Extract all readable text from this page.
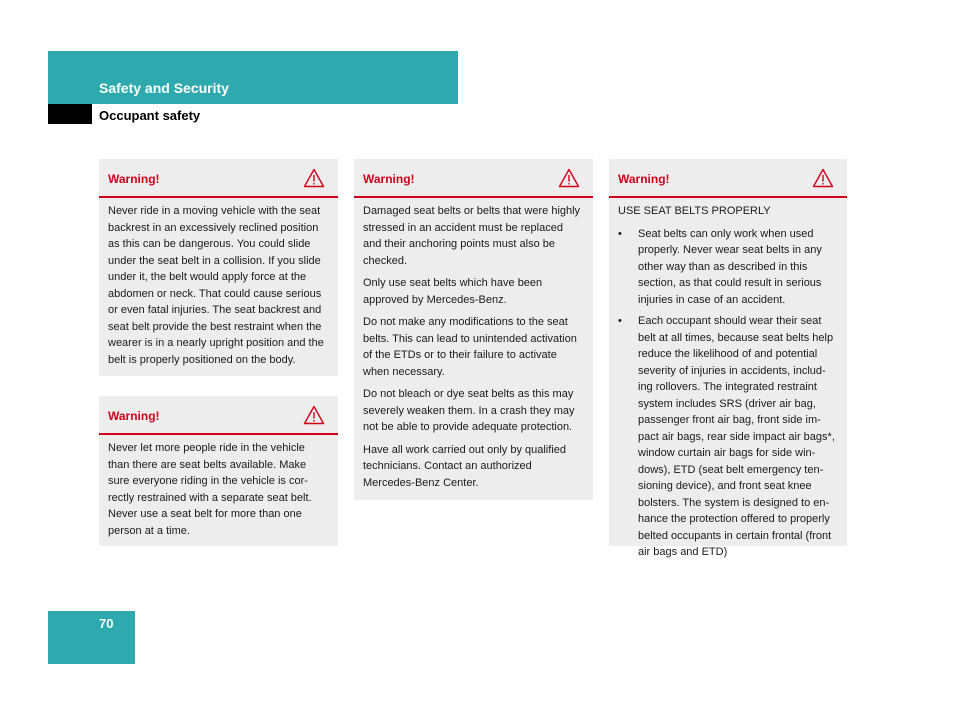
Safety and Security
Occupant safety
Warning!

Never ride in a moving vehicle with the seat backrest in an excessively reclined position as this can be dangerous. You could slide under the seat belt in a collision. If you slide under it, the belt would apply force at the abdomen or neck. That could cause serious or even fatal injuries. The seat backrest and seat belt provide the best restraint when the wearer is in a nearly upright position and the belt is properly positioned on the body.

Warning!

Never let more people ride in the vehicle than there are seat belts available. Make sure everyone riding in the vehicle is cor-rectly restrained with a separate seat belt. Never use a seat belt for more than one person at a time.

Warning!

Damaged seat belts or belts that were highly stressed in an accident must be replaced and their anchoring points must also be checked.

Only use seat belts which have been approved by Mercedes-Benz.

Do not make any modifications to the seat belts. This can lead to unintended activation of the ETDs or to their failure to activate when necessary.

Do not bleach or dye seat belts as this may severely weaken them. In a crash they may not be able to provide adequate protection.

Have all work carried out only by qualified technicians. Contact an authorized Mercedes-Benz Center.

Warning!

USE SEAT BELTS PROPERLY

• Seat belts can only work when used properly. Never wear seat belts in any other way than as described in this section, as that could result in serious injuries in case of an accident.
• Each occupant should wear their seat belt at all times, because seat belts help reduce the likelihood of and potential severity of injuries in accidents, includ-ing rollovers. The integrated restraint system includes SRS (driver air bag, passenger front air bag, front side im-pact air bags, rear side impact air bags*, window curtain air bags for side win-dows), ETD (seat belt emergency ten-sioning device), and front seat knee bolsters. The system is designed to en-hance the protection offered to properly belted occupants in certain frontal (front air bags and ETD)
70
